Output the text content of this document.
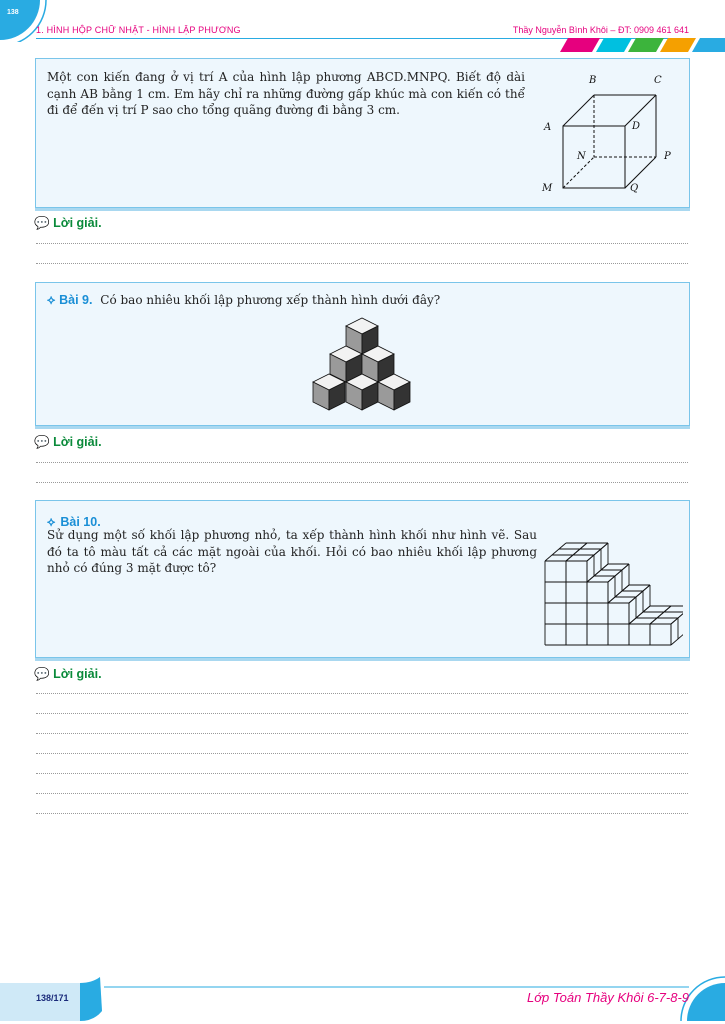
138
1. HÌNH HỘP CHỮ NHẬT - HÌNH LẬP PHƯƠNG	Thầy Nguyễn Bình Khôi – ĐT: 0909 461 641
Một con kiến đang ở vị trí A của hình lập phương ABCD.MNPQ. Biết độ dài cạnh AB bằng 1 cm. Em hãy chỉ ra những đường gấp khúc mà con kiến có thể đi để đến vị trí P sao cho tổng quãng đường đi bằng 3 cm.
B	C
A	D
N	P
M	Q
💬 Lời giải.
⟡ Bài 9. Có bao nhiêu khối lập phương xếp thành hình dưới đây?
💬 Lời giải.
⟡ Bài 10.
Sử dụng một số khối lập phương nhỏ, ta xếp thành hình khối như hình vẽ. Sau đó ta tô màu tất cả các mặt ngoài của khối. Hỏi có bao nhiêu khối lập phương nhỏ có đúng 3 mặt được tô?
💬 Lời giải.
138/171	Lớp Toán Thầy Khôi 6-7-8-9
